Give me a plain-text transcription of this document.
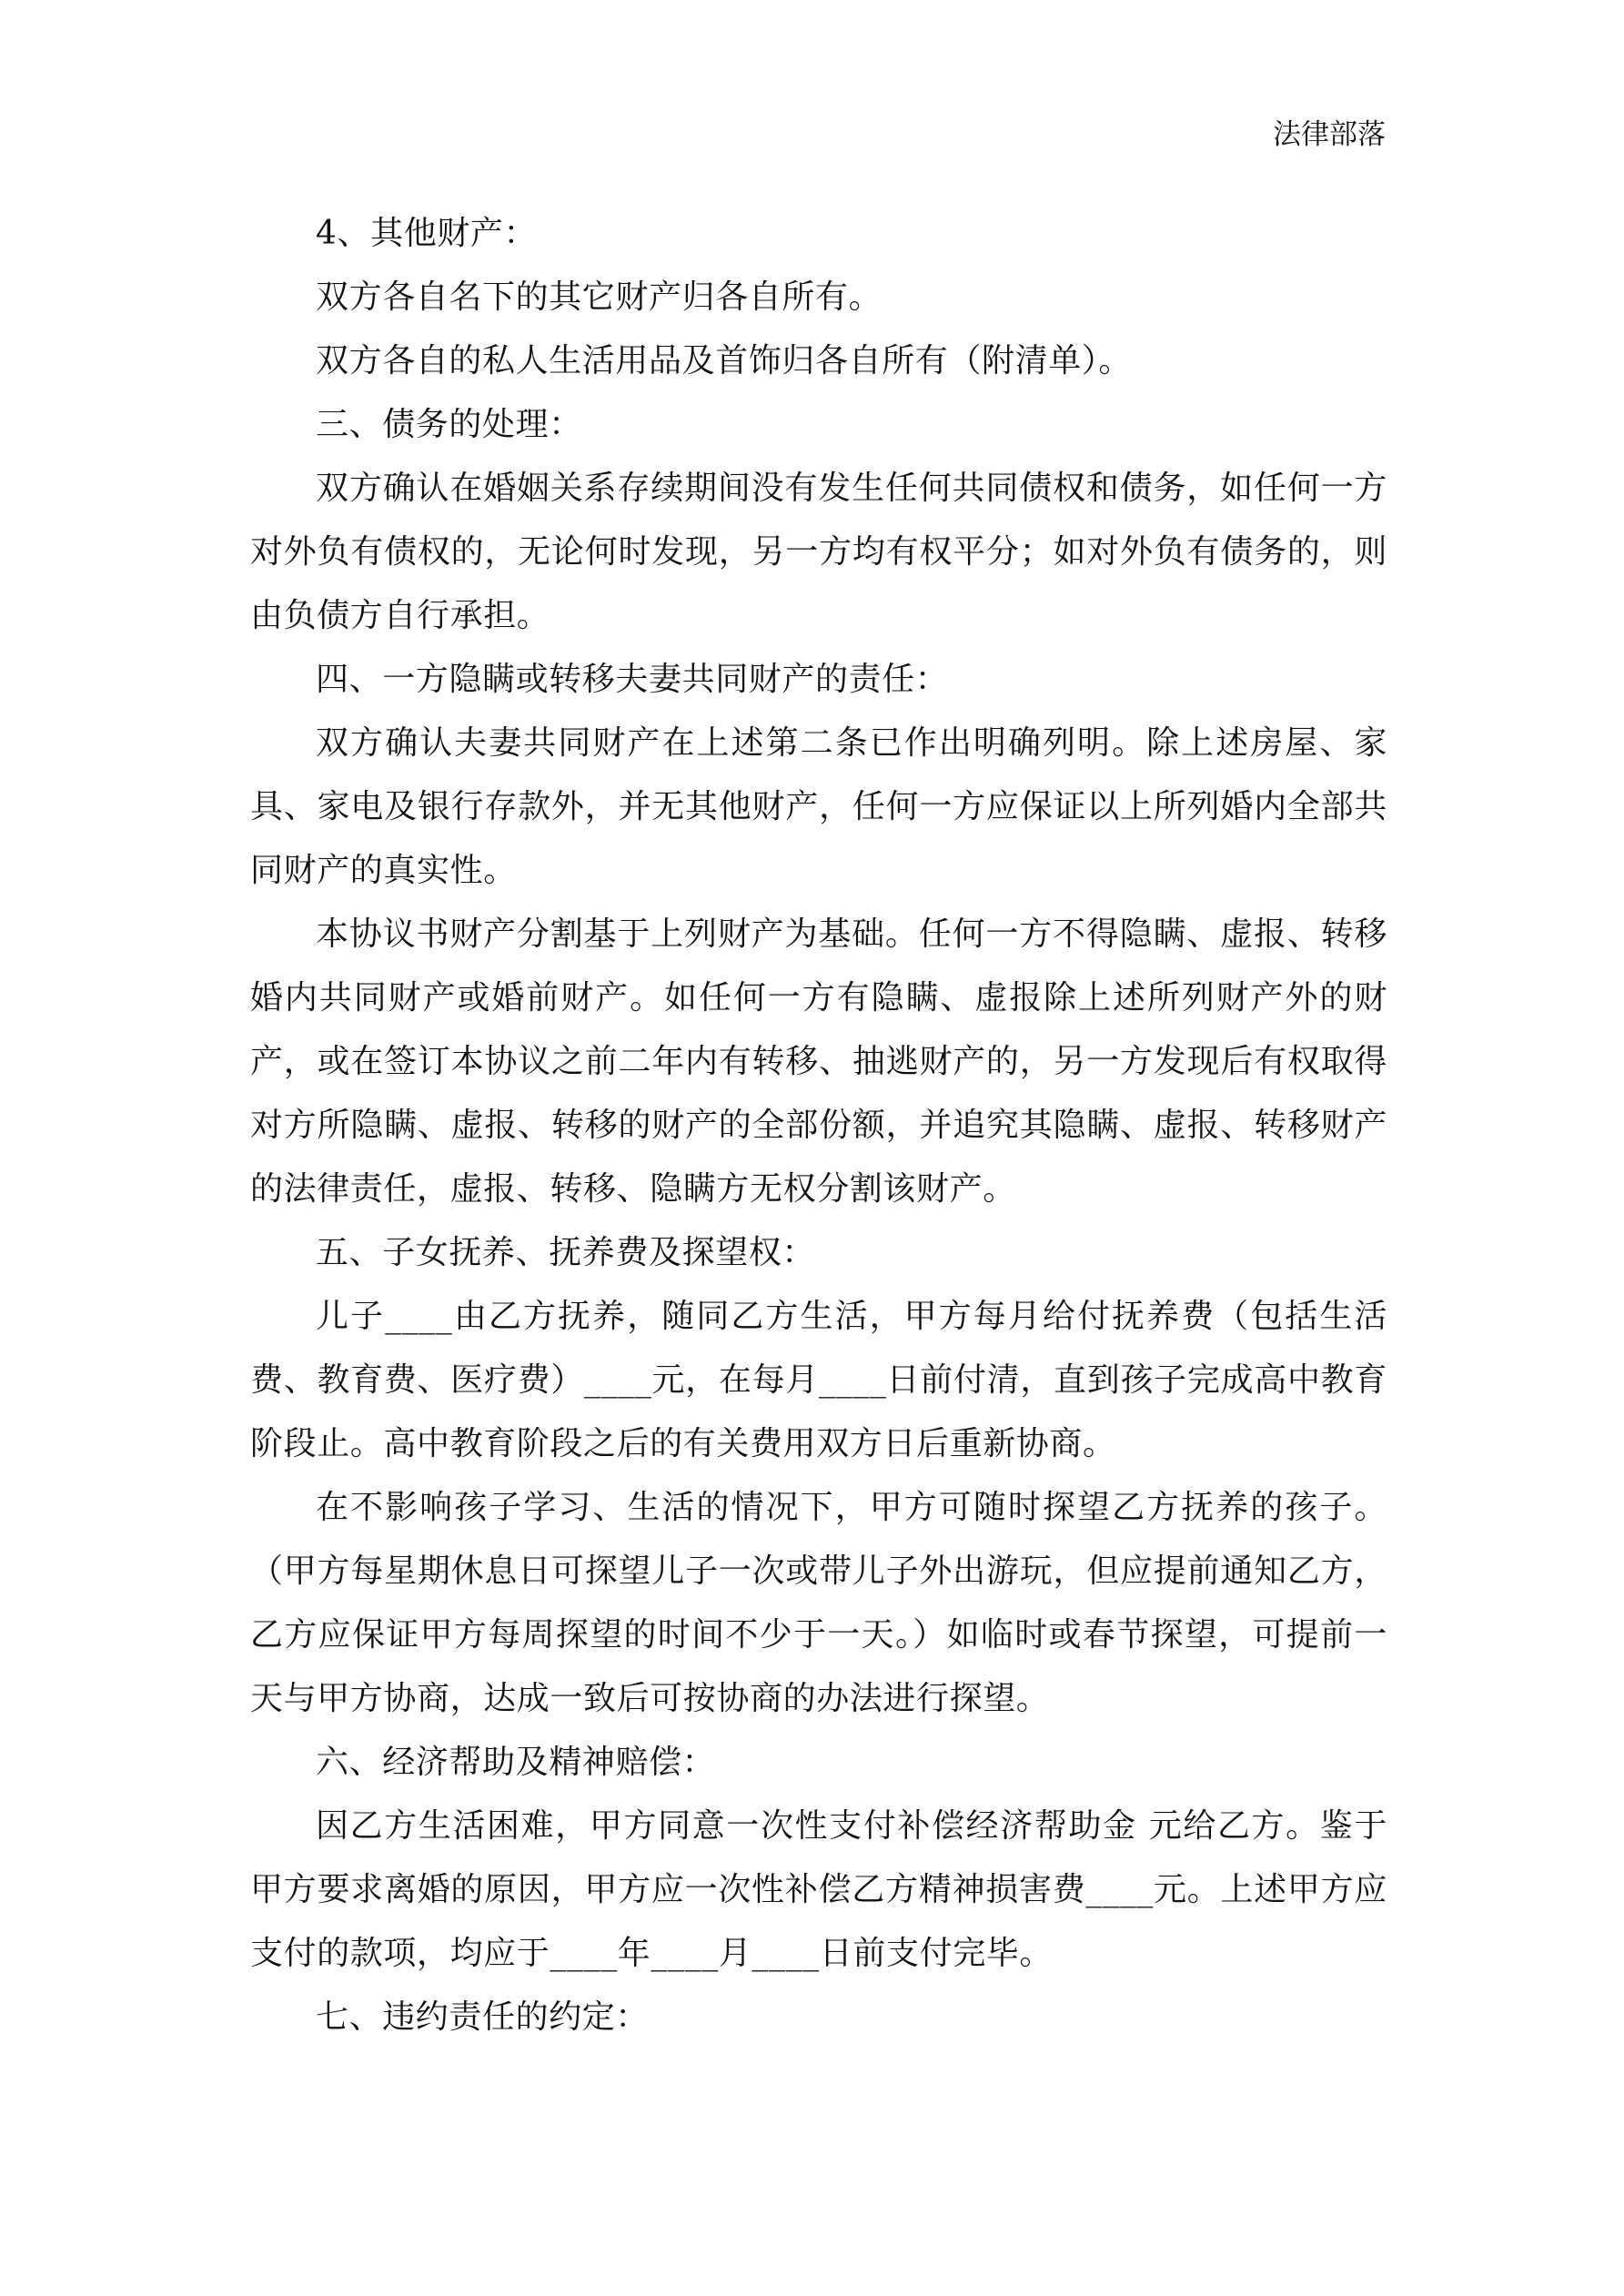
法律部落

4、其他财产：

双方各自名下的其它财产归各自所有。

双方各自的私人生活用品及首饰归各自所有（附清单）。

三、债务的处理：

双方确认在婚姻关系存续期间没有发生任何共同债权和债务，如任何一方对外负有债权的，无论何时发现，另一方均有权平分；如对外负有债务的，则由负债方自行承担。

四、一方隐瞒或转移夫妻共同财产的责任：

双方确认夫妻共同财产在上述第二条已作出明确列明。除上述房屋、家具、家电及银行存款外，并无其他财产，任何一方应保证以上所列婚内全部共同财产的真实性。

本协议书财产分割基于上列财产为基础。任何一方不得隐瞒、虚报、转移婚内共同财产或婚前财产。如任何一方有隐瞒、虚报除上述所列财产外的财产，或在签订本协议之前二年内有转移、抽逃财产的，另一方发现后有权取得对方所隐瞒、虚报、转移的财产的全部份额，并追究其隐瞒、虚报、转移财产的法律责任，虚报、转移、隐瞒方无权分割该财产。

五、子女抚养、抚养费及探望权：

儿子____由乙方抚养，随同乙方生活，甲方每月给付抚养费（包括生活费、教育费、医疗费）____元，在每月____日前付清，直到孩子完成高中教育阶段止。高中教育阶段之后的有关费用双方日后重新协商。

在不影响孩子学习、生活的情况下，甲方可随时探望乙方抚养的孩子。（甲方每星期休息日可探望儿子一次或带儿子外出游玩，但应提前通知乙方，乙方应保证甲方每周探望的时间不少于一天。）如临时或春节探望，可提前一天与甲方协商，达成一致后可按协商的办法进行探望。

六、经济帮助及精神赔偿：

因乙方生活困难，甲方同意一次性支付补偿经济帮助金 元给乙方。鉴于甲方要求离婚的原因，甲方应一次性补偿乙方精神损害费____元。上述甲方应支付的款项，均应于____年____月____日前支付完毕。

七、违约责任的约定：
